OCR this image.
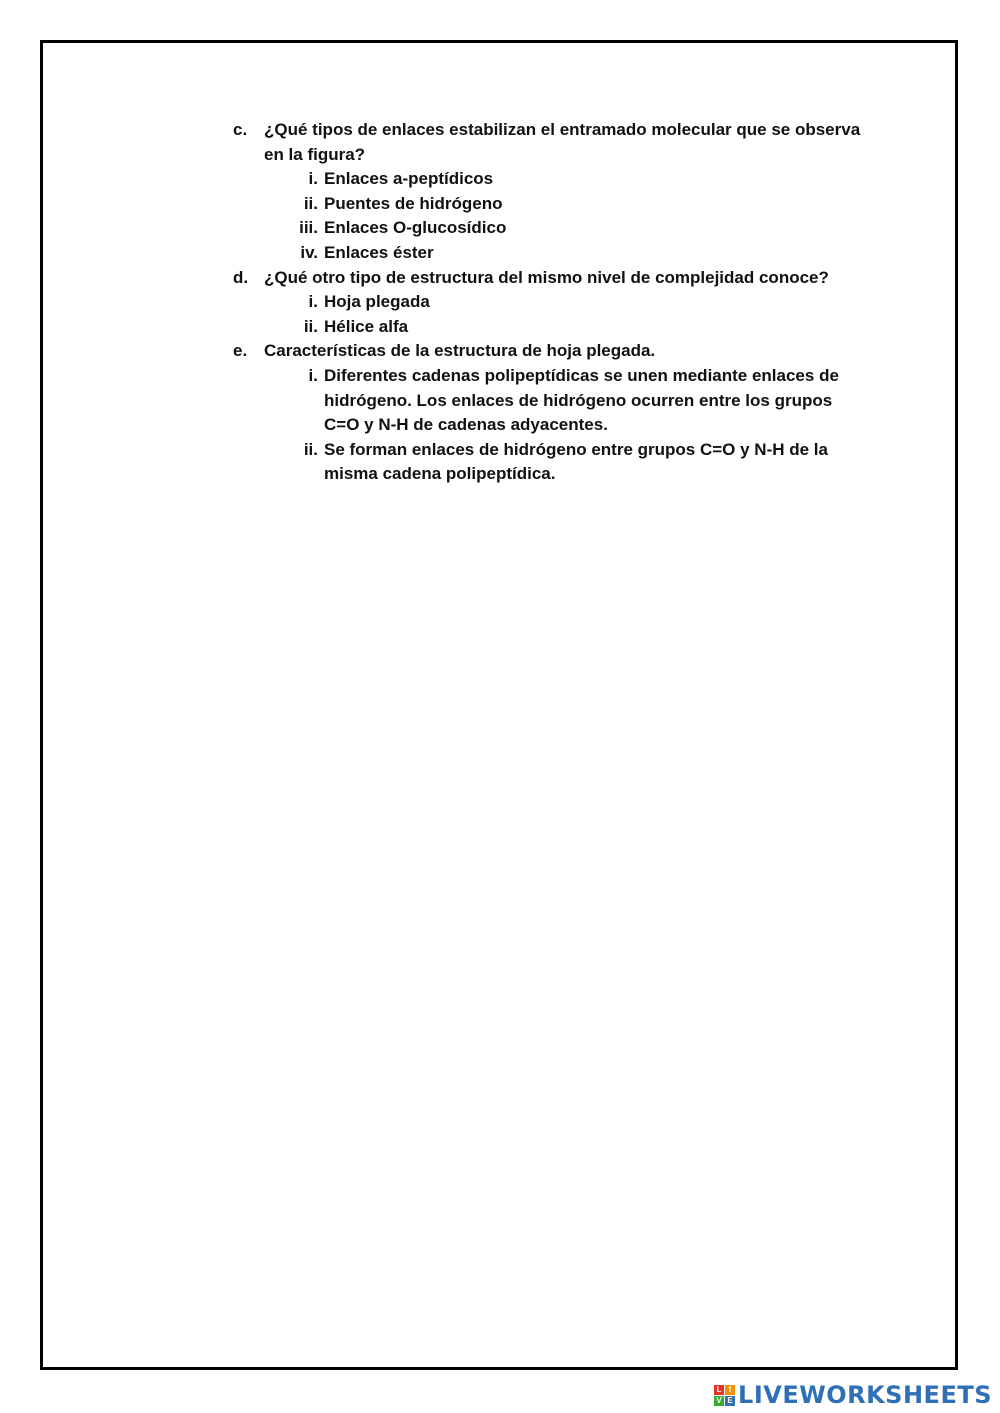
c. ¿Qué tipos de enlaces estabilizan el entramado molecular que se observa en la figura?
i. Enlaces a-peptídicos
ii. Puentes de hidrógeno
iii. Enlaces O-glucosídico
iv. Enlaces éster
d. ¿Qué otro tipo de estructura del mismo nivel de complejidad conoce?
i. Hoja plegada
ii. Hélice alfa
e. Características de la estructura de hoja plegada.
i. Diferentes cadenas polipeptídicas se unen mediante enlaces de hidrógeno. Los enlaces de hidrógeno ocurren entre los grupos C=O y N-H de cadenas adyacentes.
ii. Se forman enlaces de hidrógeno entre grupos C=O y N-H de la misma cadena polipeptídica.
L I
V E LIVEWORKSHEETS
